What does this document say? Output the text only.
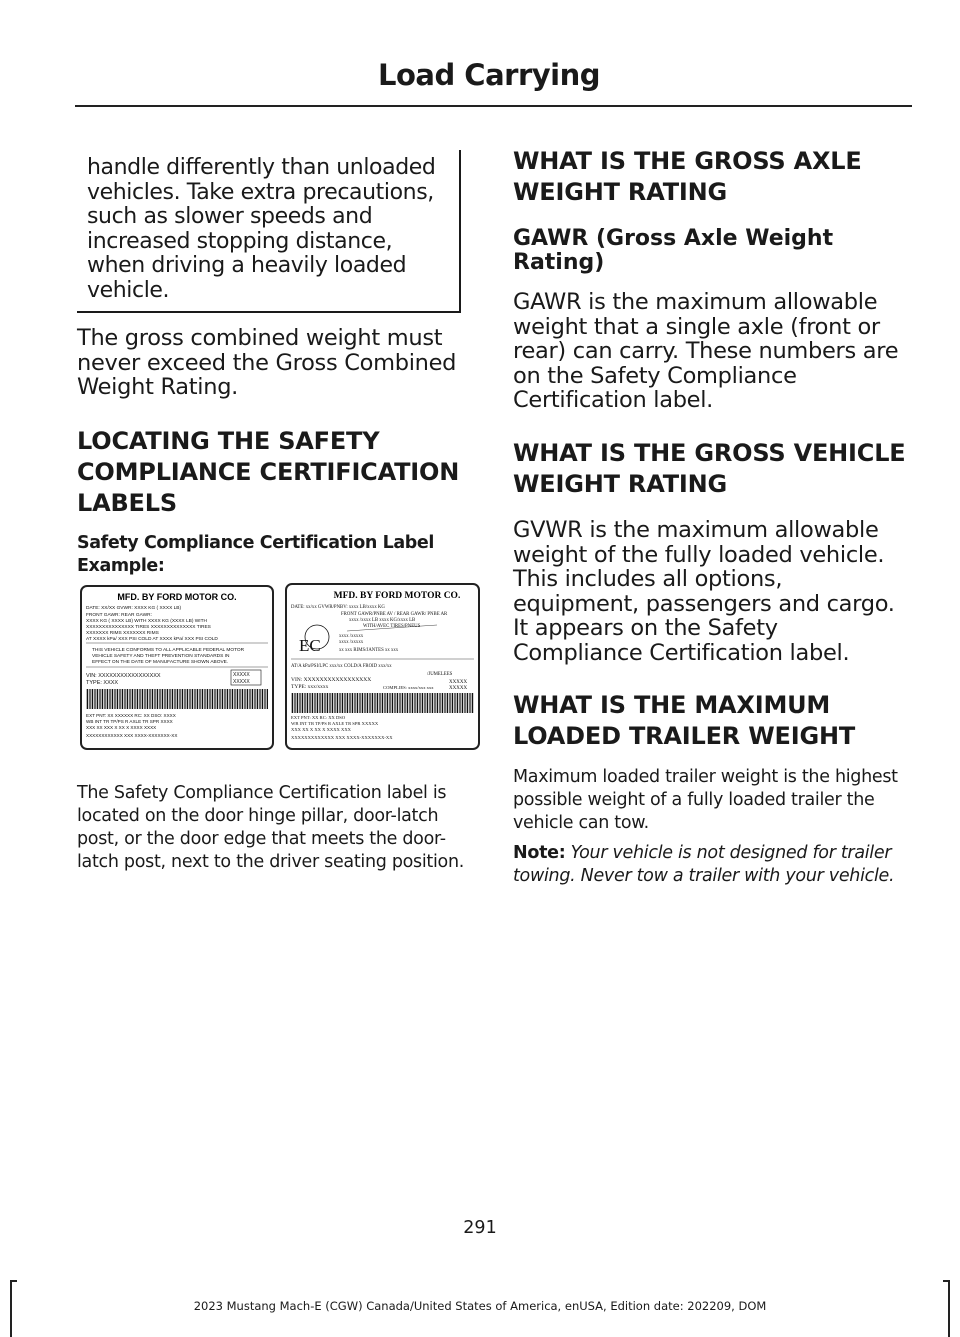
Load Carrying

handle differently than unloaded vehicles. Take extra precautions, such as slower speeds and increased stopping distance, when driving a heavily loaded vehicle.

The gross combined weight must never exceed the Gross Combined Weight Rating.

LOCATING THE SAFETY

COMPLIANCE CERTIFICATION

LABELS

Safety Compliance Certification Label Example:

MFD. BY FORD MOTOR CO.
DATE: XX/XX GVWR: XXXX KG ( XXXX LB)
FRONT GAWR: REAR GAWR:
XXXX KG ( XXXX LB) WITH XXXX KG (XXXX LB) WITH
XXXXXXXXXXXXXXX TIRES XXXXXXXXXXXXXX TIRES
XXXXXXX RIMS XXXXXXX RIMS
AT XXXX kPa/ XXX PSI COLD AT XXXX kPa/ XXX PSI COLD
THIS VEHICLE CONFORMS TO ALL APPLICABLE FEDERAL MOTOR
VEHICLE SAFETY AND THEFT PREVENTION STANDARDS IN
EFFECT ON THE DATE OF MANUFACTURE SHOWN ABOVE.
VIN: XXXXXXXXXXXXXXXXX
TYPE: XXXX
XXXXX
XXXXX
EXT PNT: XX XXXXXX RC: XX DSO: XXXX
WB INT TR TP/PS R AXLE TR SPR XXXX
XXX XX XXX X XX X XXXX XXXX
XXXXXXXXXXXX XXX XXXX-XXXXXXX-XX
MFD. BY FORD MOTOR CO.
DATE: xx/xx GVWR/PNBV: xxxx LB/xxxx KG
FRONT GAWR/PNBE AV / REAR GAWR/ PNBE AR
xxxx /xxxx LB xxxx KG/xxxx LB
WITH/AVEC TIRES/PNEUS
xxxx /xxxxx
xxxx /xxxxx
xx xxx RIMS/JANTES xx xxx
AT/A kPa/PSI/LPC xxx/xx COLD/A FROID xxx/xx
/JUMELEES
VIN: XXXXXXXXXXXXXXXXX
TYPE: xxx/xxxx	COMPLIES: xxxx/xxx xxx
XXXXX
XXXXX
EXT PNT: XX RC: XX DSO
WB INT TR TP/PS R AXLE TR SPR XXXXX
XXX XX X XX X XXXX XXX
XXXXXXXXXXXXX XXX XXXX-XXXXXXX-XX
EC

The Safety Compliance Certification label is located on the door hinge pillar, door-latch post, or the door edge that meets the door-latch post, next to the driver seating position.

WHAT IS THE GROSS AXLE

WEIGHT RATING

GAWR (Gross Axle Weight Rating)

GAWR is the maximum allowable weight that a single axle (front or rear) can carry. These numbers are on the Safety Compliance Certification label.

WHAT IS THE GROSS VEHICLE

WEIGHT RATING

GVWR is the maximum allowable weight of the fully loaded vehicle. This includes all options, equipment, passengers and cargo. It appears on the Safety Compliance Certification label.

WHAT IS THE MAXIMUM

LOADED TRAILER WEIGHT

Maximum loaded trailer weight is the highest possible weight of a fully loaded trailer the vehicle can tow.

Note: Your vehicle is not designed for trailer towing. Never tow a trailer with your vehicle.

291
2023 Mustang Mach-E (CGW) Canada/United States of America, enUSA, Edition date: 202209, DOM
